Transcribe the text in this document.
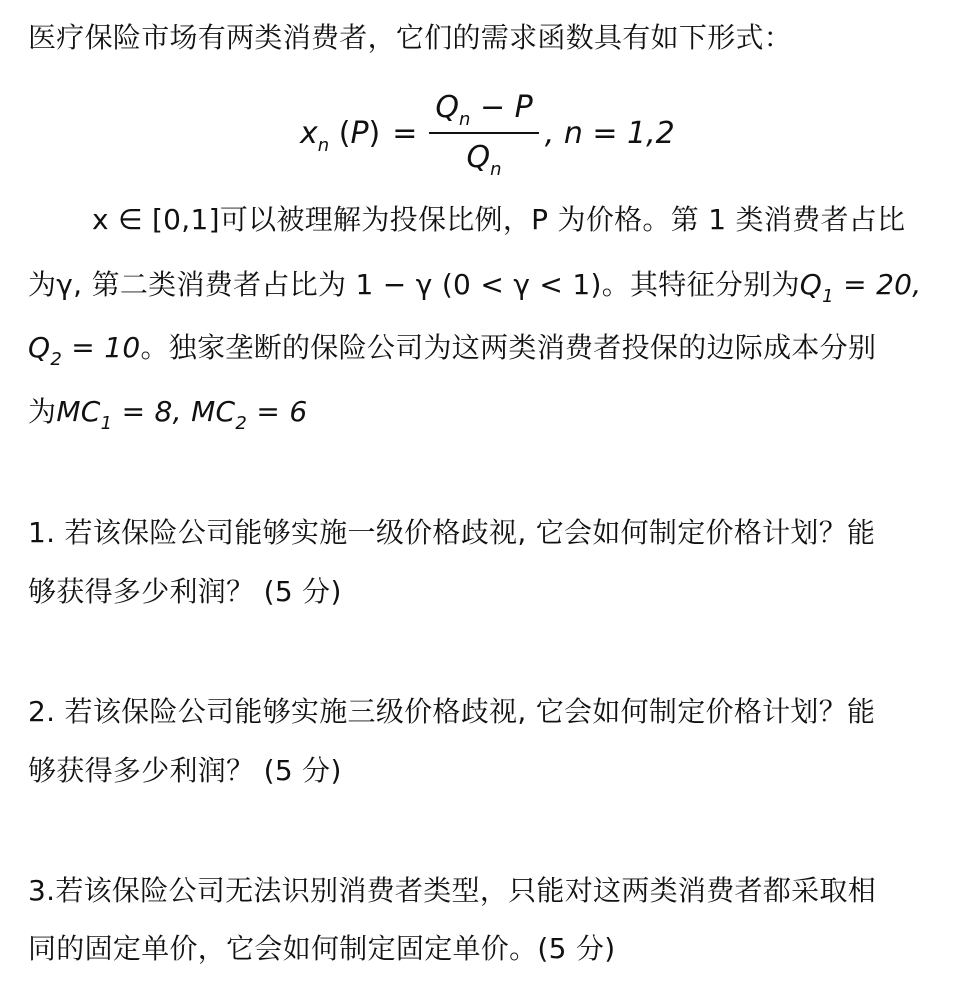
医疗保险市场有两类消费者，它们的需求函数具有如下形式：
$x_n$ $(P) = \frac{Q_n - P}{Q_n}$ , n = 1,2
x ∈ [0,1]可以被理解为投保比例，P 为价格。第 1 类消费者占比
为γ, 第二类消费者占比为 1 − γ (0 < γ < 1)。其特征分别为$Q_1 = 20$,
$Q_2 = 10$。独家垄断的保险公司为这两类消费者投保的边际成本分别
为$MC_1 = 8$, $MC_2 = 6$
1. 若该保险公司能够实施一级价格歧视, 它会如何制定价格计划？能
够获得多少利润？ (5 分)
2. 若该保险公司能够实施三级价格歧视, 它会如何制定价格计划？能
够获得多少利润？ (5 分)
3.若该保险公司无法识别消费者类型，只能对这两类消费者都采取相
同的固定单价，它会如何制定固定单价。(5 分)
